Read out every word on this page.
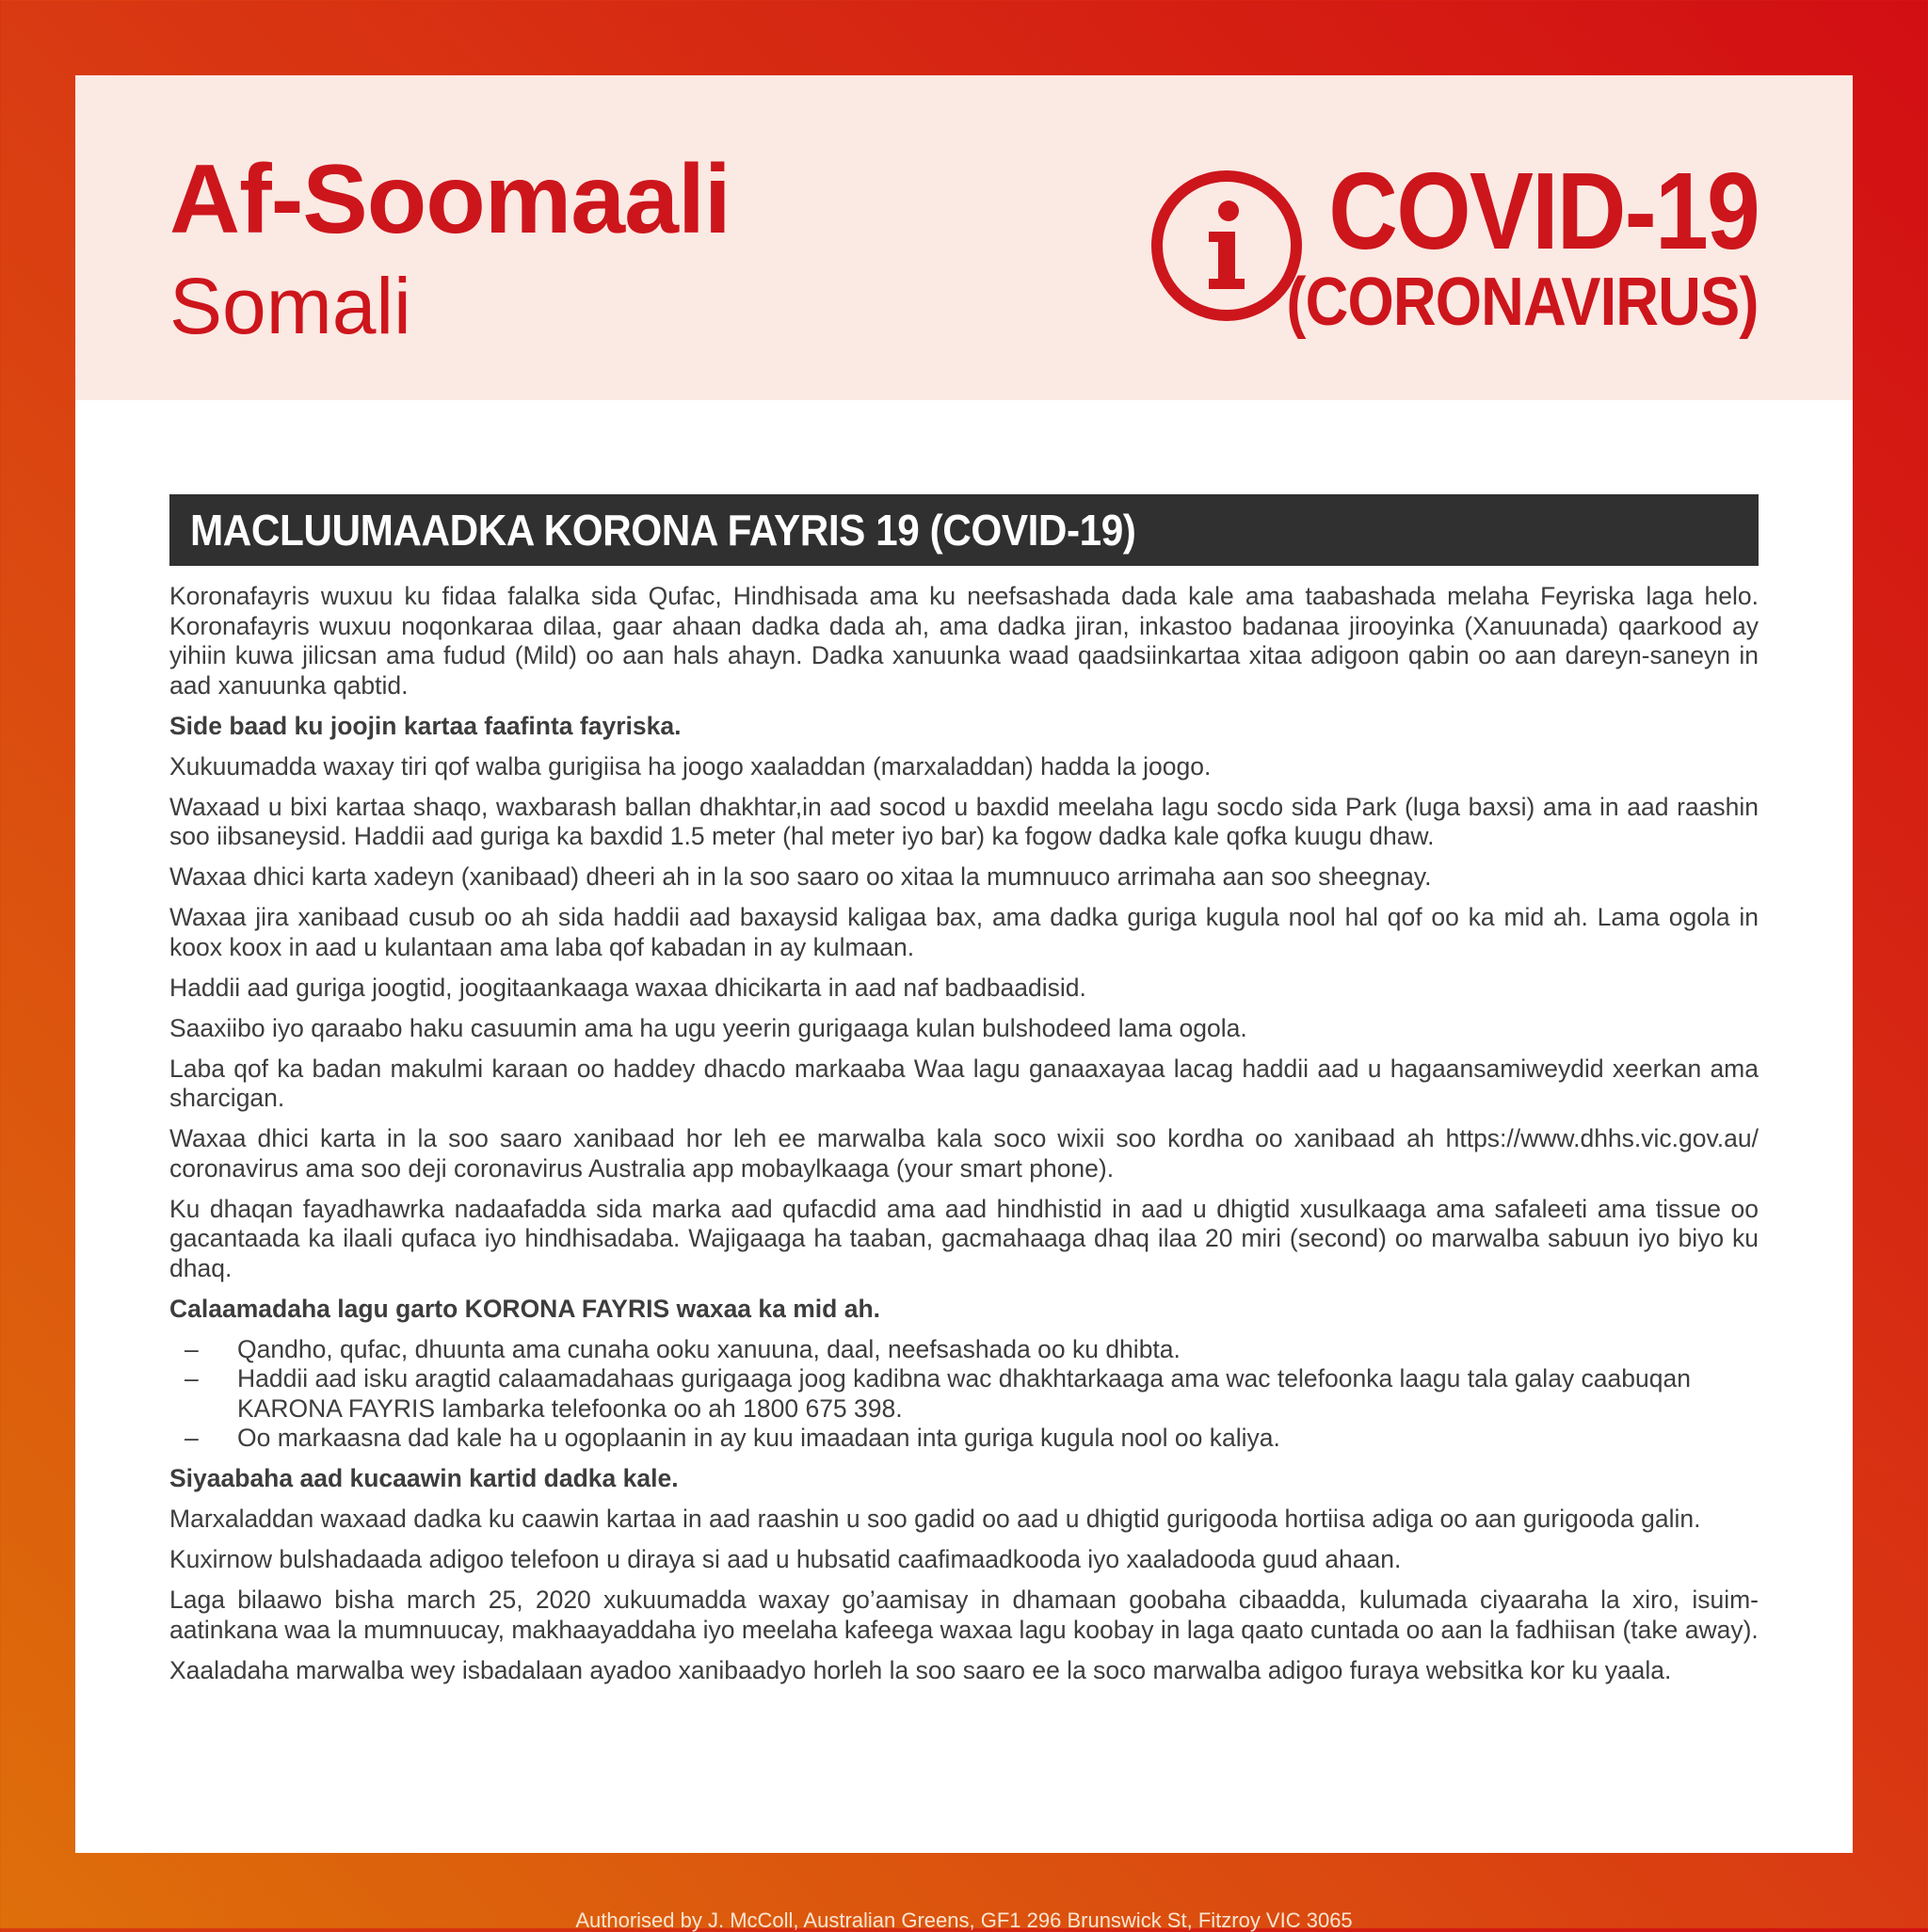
Af-Soomaali
Somali
COVID-19
(CORONAVIRUS)
MACLUUMAADKA KORONA FAYRIS 19 (COVID-19)

Koronafayris wuxuu ku fidaa falalka sida Qufac, Hindhisada ama ku neefsashada dada kale ama taabashada melaha Feyriska laga helo. Koronafayris wuxuu noqonkaraa dilaa, gaar ahaan dadka dada ah, ama dadka jiran, inkastoo badanaa jirooyinka (Xanuunada) qaarkood ay yihiin kuwa jilicsan ama fudud (Mild) oo aan hals ahayn. Dadka xanuunka waad qaadsiinkartaa xitaa adigoon qabin oo aan dareyn-saneyn in aad xanuunka qabtid.

Side baad ku joojin kartaa faafinta fayriska.

Xukuumadda waxay tiri qof walba gurigiisa ha joogo xaaladdan (marxaladdan) hadda la joogo.

Waxaad u bixi kartaa shaqo, waxbarash ballan dhakhtar,in aad socod u baxdid meelaha lagu socdo sida Park (luga baxsi) ama in aad raashin soo iibsaneysid. Haddii aad guriga ka baxdid 1.5 meter (hal meter iyo bar) ka fogow dadka kale qofka kuugu dhaw.

Waxaa dhici karta xadeyn (xanibaad) dheeri ah in la soo saaro oo xitaa la mumnuuco arrimaha aan soo sheegnay.

Waxaa jira xanibaad cusub oo ah sida haddii aad baxaysid kaligaa bax, ama dadka guriga kugula nool hal qof oo ka mid ah. Lama ogola in koox koox in aad u kulantaan ama laba qof kabadan in ay kulmaan.

Haddii aad guriga joogtid, joogitaankaaga waxaa dhicikarta in aad naf badbaadisid.

Saaxiibo iyo qaraabo haku casuumin ama ha ugu yeerin gurigaaga kulan bulshodeed lama ogola.

Laba qof ka badan makulmi karaan oo haddey dhacdo markaaba Waa lagu ganaaxayaa lacag haddii aad u hagaansamiweydid xeerkan ama sharcigan.

Waxaa dhici karta in la soo saaro xanibaad hor leh ee marwalba kala soco wixii soo kordha oo xanibaad ah https://www.dhhs.vic.gov.au/ coronavirus ama soo deji coronavirus Australia app mobaylkaaga (your smart phone).

Ku dhaqan fayadhawrka nadaafadda sida marka aad qufacdid ama aad hindhistid in aad u dhigtid xusulkaaga ama safaleeti ama tissue oo gacantaada ka ilaali qufaca iyo hindhisadaba. Wajigaaga ha taaban, gacmahaaga dhaq ilaa 20 miri (second) oo marwalba sabuun iyo biyo ku dhaq.

Calaamadaha lagu garto KORONA FAYRIS waxaa ka mid ah.

– Qandho, qufac, dhuunta ama cunaha ooku xanuuna, daal, neefsashada oo ku dhibta.
– Haddii aad isku aragtid calaamadahaas gurigaaga joog kadibna wac dhakhtarkaaga ama wac telefoonka laagu tala galay caabuqan KARONA FAYRIS lambarka telefoonka oo ah 1800 675 398.
– Oo markaasna dad kale ha u ogoplaanin in ay kuu imaadaan inta guriga kugula nool oo kaliya.

Siyaabaha aad kucaawin kartid dadka kale.

Marxaladdan waxaad dadka ku caawin kartaa in aad raashin u soo gadid oo aad u dhigtid gurigooda hortiisa adiga oo aan gurigooda galin.

Kuxirnow bulshadaada adigoo telefoon u diraya si aad u hubsatid caafimaadkooda iyo xaaladooda guud ahaan.

Laga bilaawo bisha march 25, 2020 xukuumadda waxay go’aamisay in dhamaan goobaha cibaadda, kulumada ciyaaraha la xiro, isuim-aatinkana waa la mumnuucay, makhaayaddaha iyo meelaha kafeega waxaa lagu koobay in laga qaato cuntada oo aan la fadhiisan (take away).

Xaaladaha marwalba wey isbadalaan ayadoo xanibaadyo horleh la soo saaro ee la soco marwalba adigoo furaya websitka kor ku yaala.

Authorised by J. McColl, Australian Greens, GF1 296 Brunswick St, Fitzroy VIC 3065
